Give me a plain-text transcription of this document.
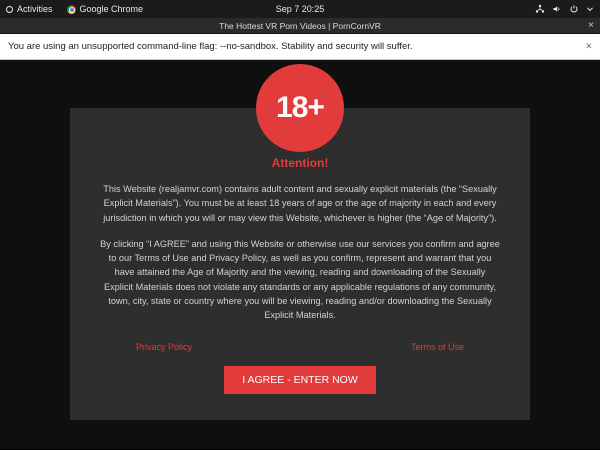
Activities	Google Chrome	Sep 7 20:25
The Hottest VR Porn Videos | PornCornVR	×
You are using an unsupported command-line flag: --no-sandbox. Stability and security will suffer.	×
18+
Attention!

This Website (realjamvr.com) contains adult content and sexually explicit materials (the “Sexually Explicit Materials”). You must be at least 18 years of age or the age of majority in each and every jurisdiction in which you will or may view this Website, whichever is higher (the “Age of Majority”).

By clicking “I AGREE” and using this Website or otherwise use our services you confirm and agree to our Terms of Use and Privacy Policy, as well as you confirm, represent and warrant that you have attained the Age of Majority and the viewing, reading and downloading of the Sexually Explicit Materials does not violate any standards or any applicable regulations of any community, town, city, state or country where you will be viewing, reading and/or downloading the Sexually Explicit Materials.

Privacy Policy	Terms of Use
I AGREE - ENTER NOW
